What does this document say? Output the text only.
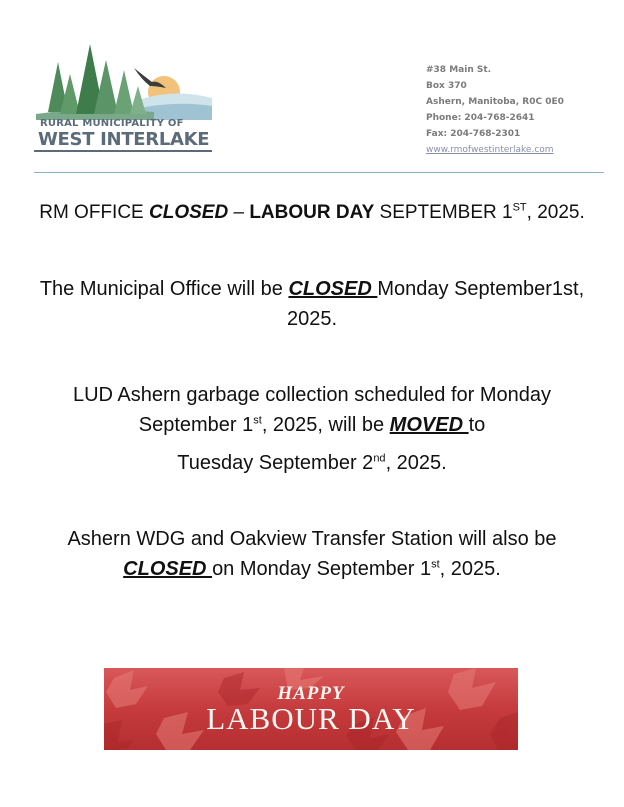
RURAL MUNICIPALITY OF
WEST INTERLAKE
#38 Main St.
Box 370
Ashern, Manitoba, R0C 0E0
Phone: 204-768-2641
Fax: 204-768-2301
www.rmofwestinterlake.com
RM OFFICE CLOSED – LABOUR DAY SEPTEMBER 1ST, 2025.
The Municipal Office will be CLOSED Monday September1st, 2025.
LUD Ashern garbage collection scheduled for Monday September 1st, 2025, will be MOVED to
Tuesday September 2nd, 2025.
Ashern WDG and Oakview Transfer Station will also be CLOSED on Monday September 1st, 2025.
HAPPY
LABOUR DAY
